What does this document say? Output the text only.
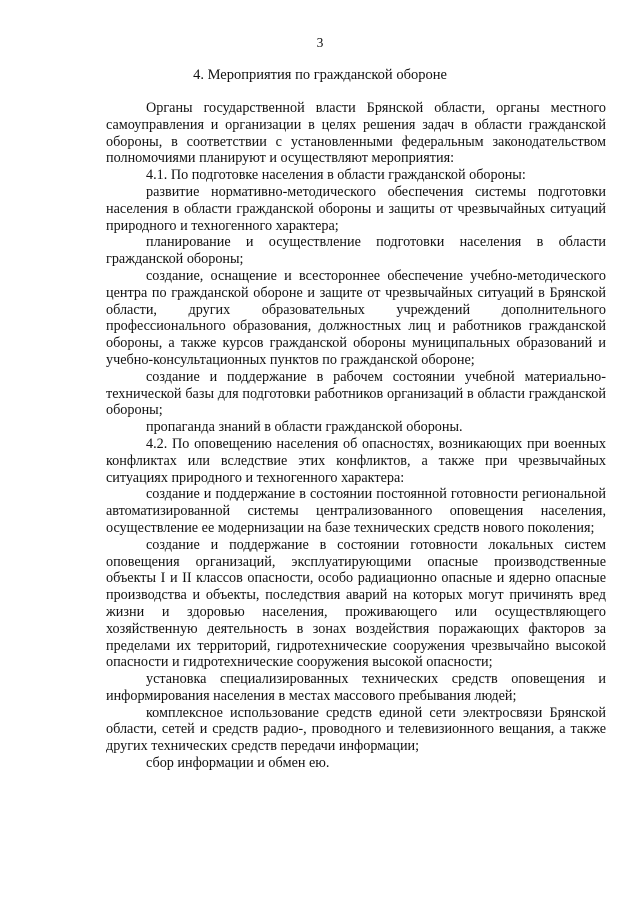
3
4. Мероприятия по гражданской обороне

Органы государственной власти Брянской области, органы местного самоуправления и организации в целях решения задач в области гражданской обороны, в соответствии с установленными федеральным законодательством полномочиями планируют и осуществляют мероприятия:

4.1. По подготовке населения в области гражданской обороны:

развитие нормативно-методического обеспечения системы подготовки населения в области гражданской обороны и защиты от чрезвычайных ситуаций природного и техногенного характера;

планирование и осуществление подготовки населения в области гражданской обороны;

создание, оснащение и всестороннее обеспечение учебно-методического центра по гражданской обороне и защите от чрезвычайных ситуаций в Брянской области, других образовательных учреждений дополнительного профессионального образования, должностных лиц и работников гражданской обороны, а также курсов гражданской обороны муниципальных образований и учебно-консультационных пунктов по гражданской обороне;

создание и поддержание в рабочем состоянии учебной материально-технической базы для подготовки работников организаций в области гражданской обороны;

пропаганда знаний в области гражданской обороны.

4.2. По оповещению населения об опасностях, возникающих при военных конфликтах или вследствие этих конфликтов, а также при чрезвычайных ситуациях природного и техногенного характера:

создание и поддержание в состоянии постоянной готовности региональной автоматизированной системы централизованного оповещения населения, осуществление ее модернизации на базе технических средств нового поколения;

создание и поддержание в состоянии готовности локальных систем оповещения организаций, эксплуатирующими опасные производственные объекты I и II классов опасности, особо радиационно опасные и ядерно опасные производства и объекты, последствия аварий на которых могут причинять вред жизни и здоровью населения, проживающего или осуществляющего хозяйственную деятельность в зонах воздействия поражающих факторов за пределами их территорий, гидротехнические сооружения чрезвычайно высокой опасности и гидротехнические сооружения высокой опасности;

установка специализированных технических средств оповещения и информирования населения в местах массового пребывания людей;

комплексное использование средств единой сети электросвязи Брянской области, сетей и средств радио-, проводного и телевизионного вещания, а также других технических средств передачи информации;

сбор информации и обмен ею.
